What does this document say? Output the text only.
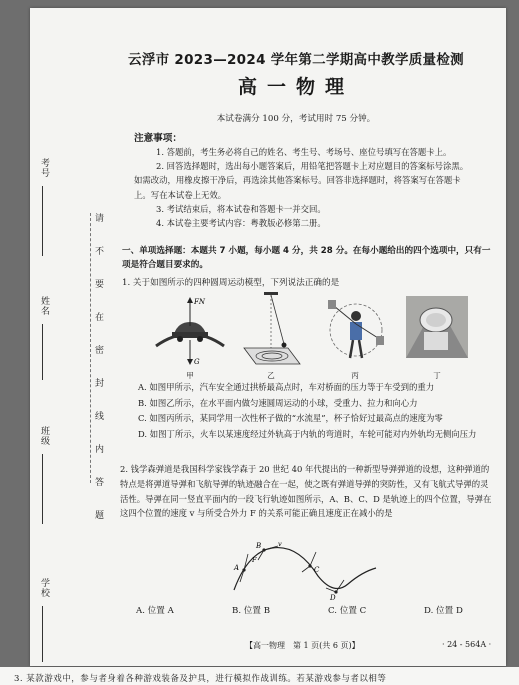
考号
姓名
班级
学校
请不要在密封线内答题
云浮市 2023—2024 学年第二学期高中教学质量检测
高一物理
本试卷满分 100 分，考试用时 75 分钟。
注意事项：

1. 答题前，考生务必将自己的姓名、考生号、考场号、座位号填写在答题卡上。

2. 回答选择题时，选出每小题答案后，用铅笔把答题卡上对应题目的答案标号涂黑。如需改动，用橡皮擦干净后，再选涂其他答案标号。回答非选择题时，将答案写在答题卡上。写在本试卷上无效。

3. 考试结束后，将本试卷和答题卡一并交回。

4. 本试卷主要考试内容：粤教版必修第二册。

一、单项选择题：本题共 7 小题，每小题 4 分，共 28 分。在每小题给出的四个选项中，只有一项是符合题目要求的。
1. 关于如图所示的四种圆周运动模型，下列说法正确的是
FN
G
甲	乙	丙	丁

A. 如图甲所示，汽车安全通过拱桥最高点时，车对桥面的压力等于车受到的重力

B. 如图乙所示，在水平面内做匀速圆周运动的小球，受重力、拉力和向心力

C. 如图丙所示，某同学用一次性杯子做的“水流星”，杯子恰好过最高点的速度为零

D. 如图丁所示，火车以某速度经过外轨高于内轨的弯道时，车轮可能对内外轨均无侧向压力

2. 钱学森弹道是我国科学家钱学森于 20 世纪 40 年代提出的一种新型导弹弹道的设想，这种弹道的特点是将弹道导弹和飞航导弹的轨迹融合在一起，使之既有弹道导弹的突防性，又有飞航式导弹的灵活性。导弹在同一竖直平面内的一段飞行轨迹如图所示，A、B、C、D 是轨迹上的四个位置，导弹在这四个位置的速度 v 与所受合外力 F 的关系可能正确且速度正在减小的是

A
B	v
F
C
D
A. 位置 A	B. 位置 B	C. 位置 C	D. 位置 D
【高一物理　第 1 页(共 6 页)】	· 24 - 564A ·
3. 某款游戏中，参与者身着各种游戏装备及护具，进行模拟作战训练。若某游戏参与者以相等
